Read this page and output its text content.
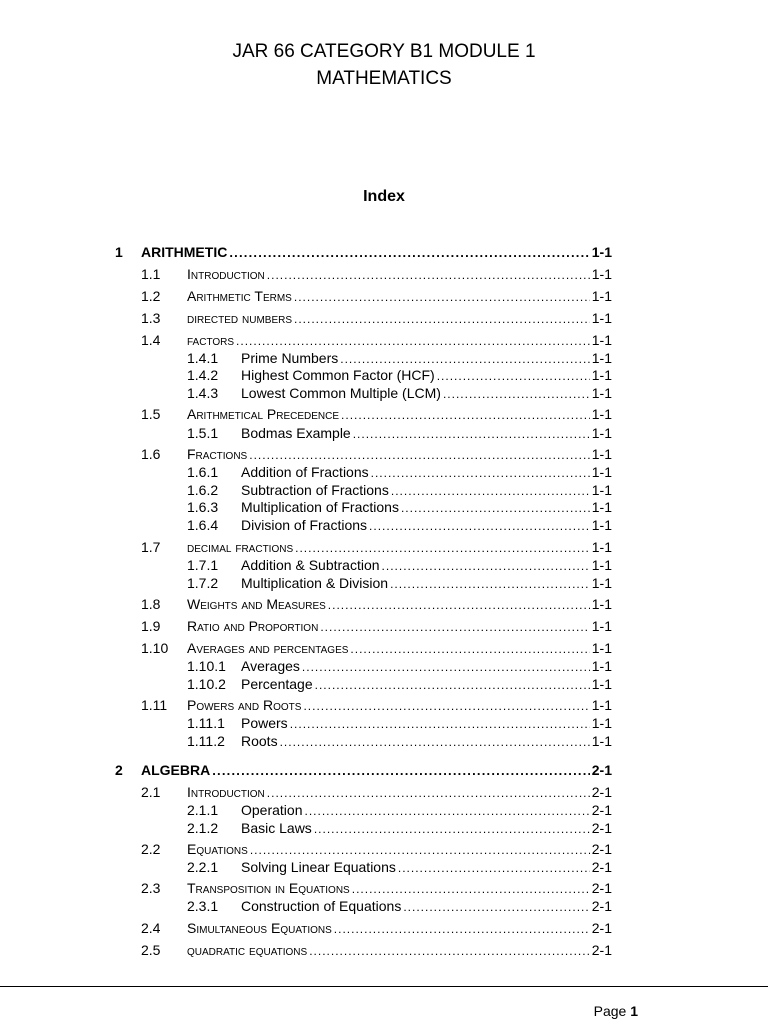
JAR 66 CATEGORY B1 MODULE 1
MATHEMATICS
Index
1 ARITHMETIC .....	1-1
1.1 Introduction .....	1-1
1.2 Arithmetic Terms .....	1-1
1.3 directed numbers .....	1-1
1.4 factors .....	1-1
1.4.1 Prime Numbers .....	1-1
1.4.2 Highest Common Factor (HCF) .....	1-1
1.4.3 Lowest Common Multiple (LCM) .....	1-1
1.5 Arithmetical Precedence .....	1-1
1.5.1 Bodmas Example .....	1-1
1.6 Fractions .....	1-1
1.6.1 Addition of Fractions .....	1-1
1.6.2 Subtraction of Fractions .....	1-1
1.6.3 Multiplication of Fractions .....	1-1
1.6.4 Division of Fractions .....	1-1
1.7 decimal fractions .....	1-1
1.7.1 Addition & Subtraction .....	1-1
1.7.2 Multiplication & Division .....	1-1
1.8 Weights and Measures .....	1-1
1.9 Ratio and Proportion .....	1-1
1.10 Averages and percentages .....	1-1
1.10.1 Averages .....	1-1
1.10.2 Percentage .....	1-1
1.11 Powers and Roots .....	1-1
1.11.1 Powers .....	1-1
1.11.2 Roots .....	1-1
2 ALGEBRA .....	2-1
2.1 Introduction .....	2-1
2.1.1 Operation .....	2-1
2.1.2 Basic Laws .....	2-1
2.2 Equations .....	2-1
2.2.1 Solving Linear Equations .....	2-1
2.3 Transposition in Equations .....	2-1
2.3.1 Construction of Equations .....	2-1
2.4 Simultaneous Equations .....	2-1
2.5 quadratic equations .....	2-1
Page 1
